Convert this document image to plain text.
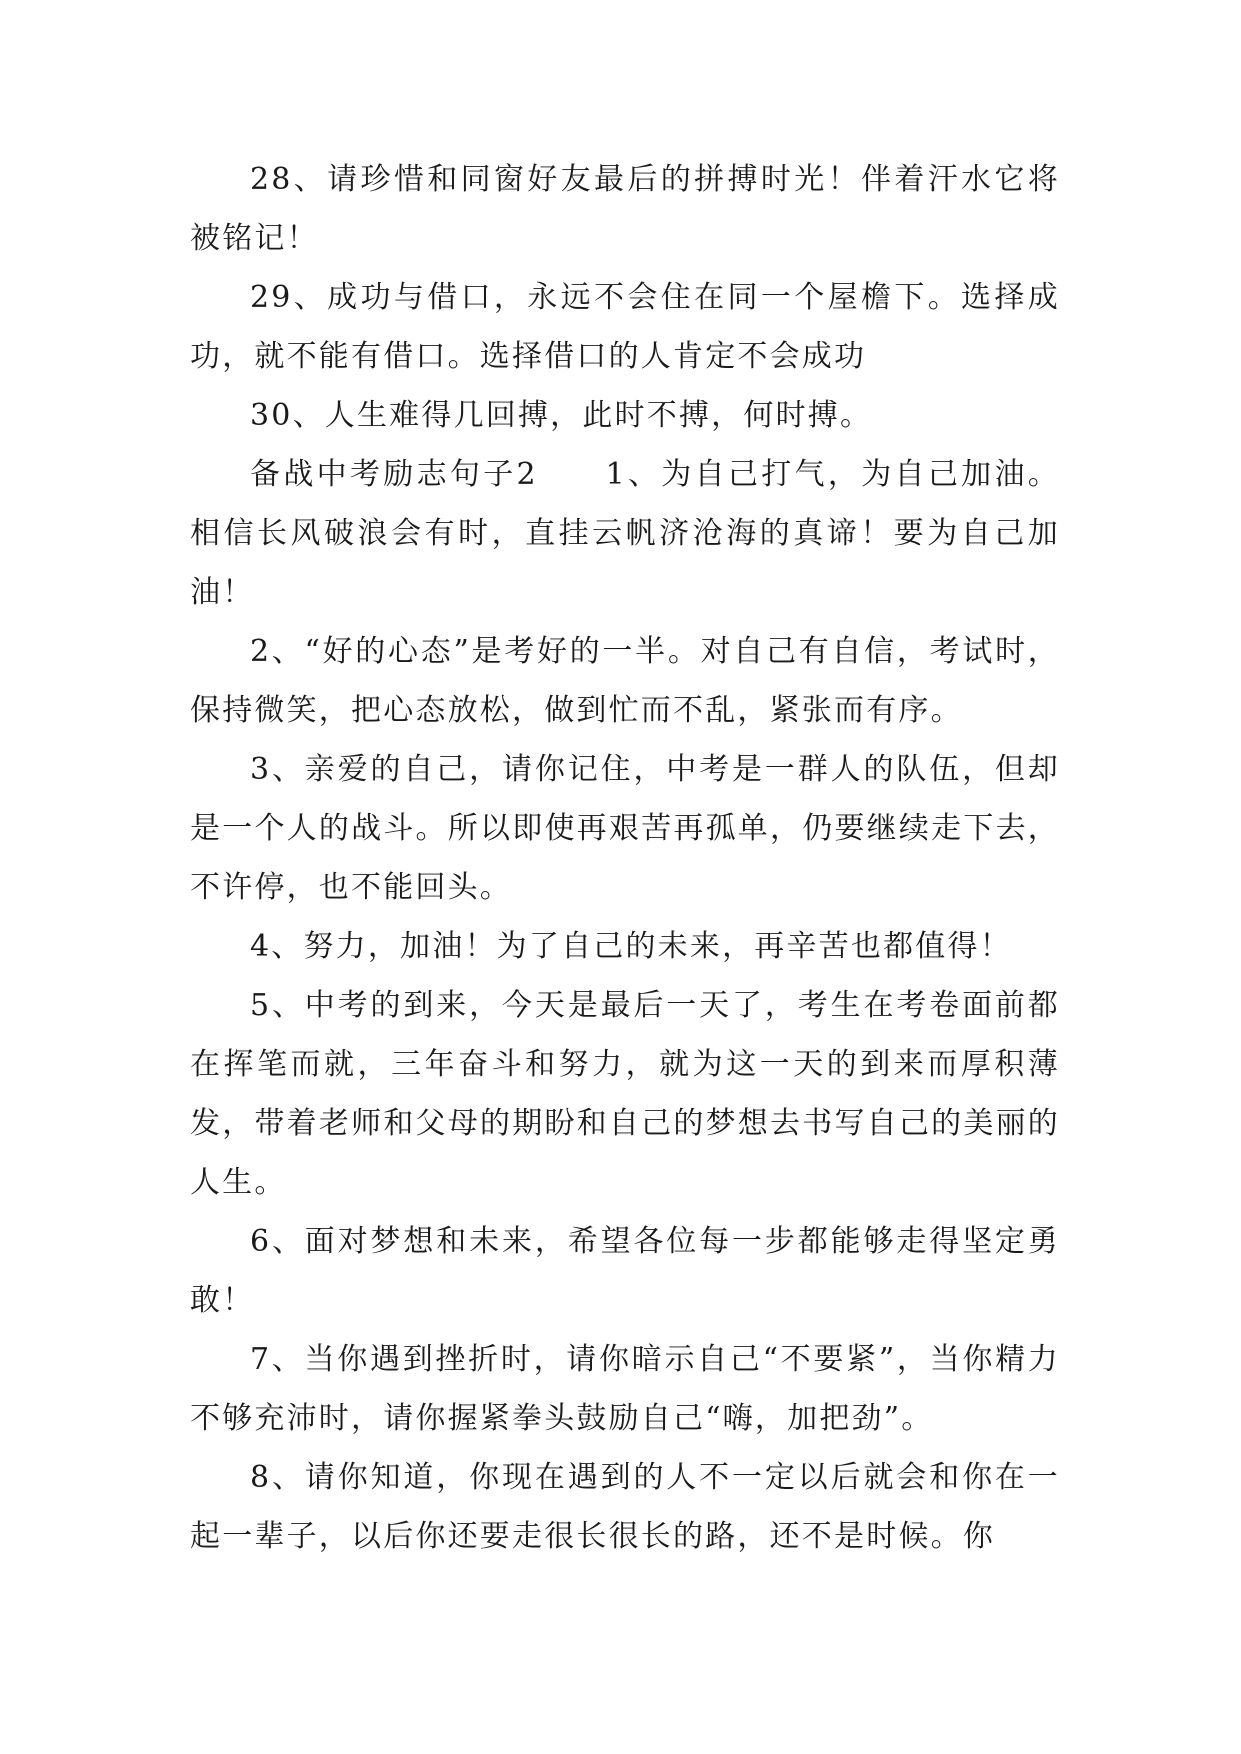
28、请珍惜和同窗好友最后的拼搏时光！伴着汗水它将被铭记！

29、成功与借口，永远不会住在同一个屋檐下。选择成功，就不能有借口。选择借口的人肯定不会成功

30、人生难得几回搏，此时不搏，何时搏。

备战中考励志句子2　　1、为自己打气，为自己加油。相信长风破浪会有时，直挂云帆济沧海的真谛！要为自己加油！

2、“好的心态”是考好的一半。对自己有自信，考试时，保持微笑，把心态放松，做到忙而不乱，紧张而有序。

3、亲爱的自己，请你记住，中考是一群人的队伍，但却是一个人的战斗。所以即使再艰苦再孤单，仍要继续走下去，不许停，也不能回头。

4、努力，加油！为了自己的未来，再辛苦也都值得！

5、中考的到来，今天是最后一天了，考生在考卷面前都在挥笔而就，三年奋斗和努力，就为这一天的到来而厚积薄发，带着老师和父母的期盼和自己的梦想去书写自己的美丽的人生。

6、面对梦想和未来，希望各位每一步都能够走得坚定勇敢！

7、当你遇到挫折时，请你暗示自己“不要紧”，当你精力不够充沛时，请你握紧拳头鼓励自己“嗨，加把劲”。

8、请你知道，你现在遇到的人不一定以后就会和你在一起一辈子，以后你还要走很长很长的路，还不是时候。你
